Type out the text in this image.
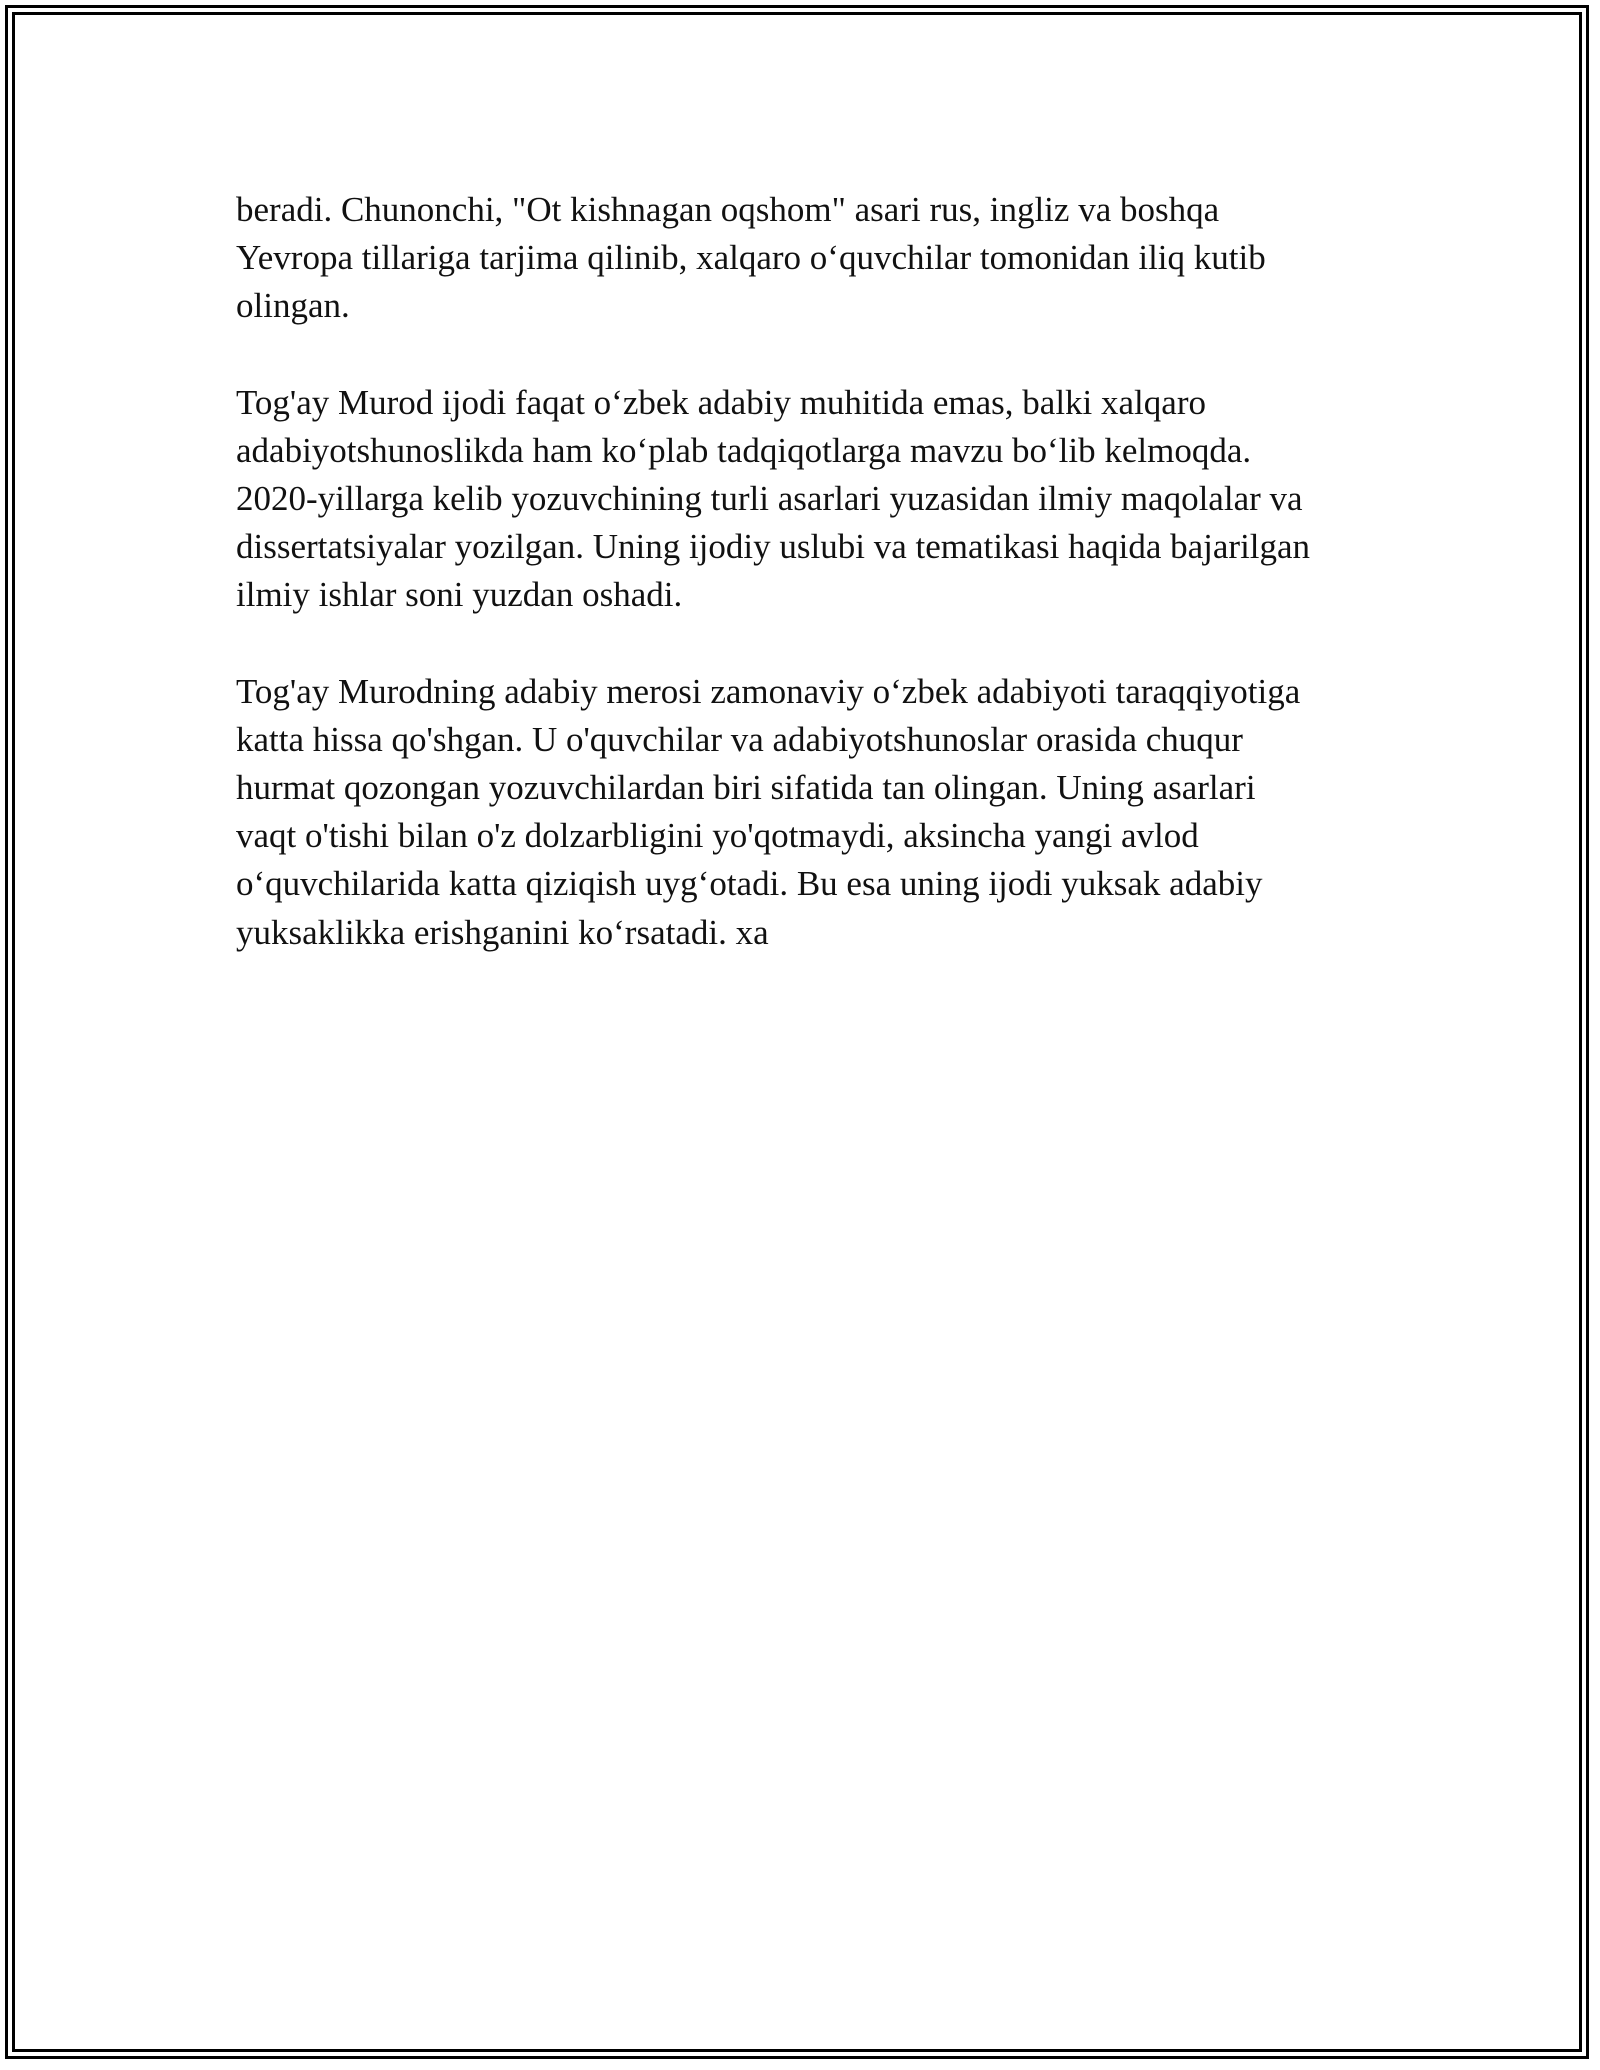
beradi. Chunonchi, "Ot kishnagan oqshom" asari rus, ingliz va boshqa
Yevropa tillariga tarjima qilinib, xalqaro o‘quvchilar tomonidan iliq kutib
olingan.

Tog'ay Murod ijodi faqat o‘zbek adabiy muhitida emas, balki xalqaro
adabiyotshunoslikda ham ko‘plab tadqiqotlarga mavzu bo‘lib kelmoqda.
2020-yillarga kelib yozuvchining turli asarlari yuzasidan ilmiy maqolalar va
dissertatsiyalar yozilgan. Uning ijodiy uslubi va tematikasi haqida bajarilgan
ilmiy ishlar soni yuzdan oshadi.

Tog'ay Murodning adabiy merosi zamonaviy o‘zbek adabiyoti taraqqiyotiga
katta hissa qo'shgan. U o'quvchilar va adabiyotshunoslar orasida chuqur
hurmat qozongan yozuvchilardan biri sifatida tan olingan. Uning asarlari
vaqt o'tishi bilan o'z dolzarbligini yo'qotmaydi, aksincha yangi avlod
o‘quvchilarida katta qiziqish uyg‘otadi. Bu esa uning ijodi yuksak adabiy
yuksaklikka erishganini ko‘rsatadi. xa
